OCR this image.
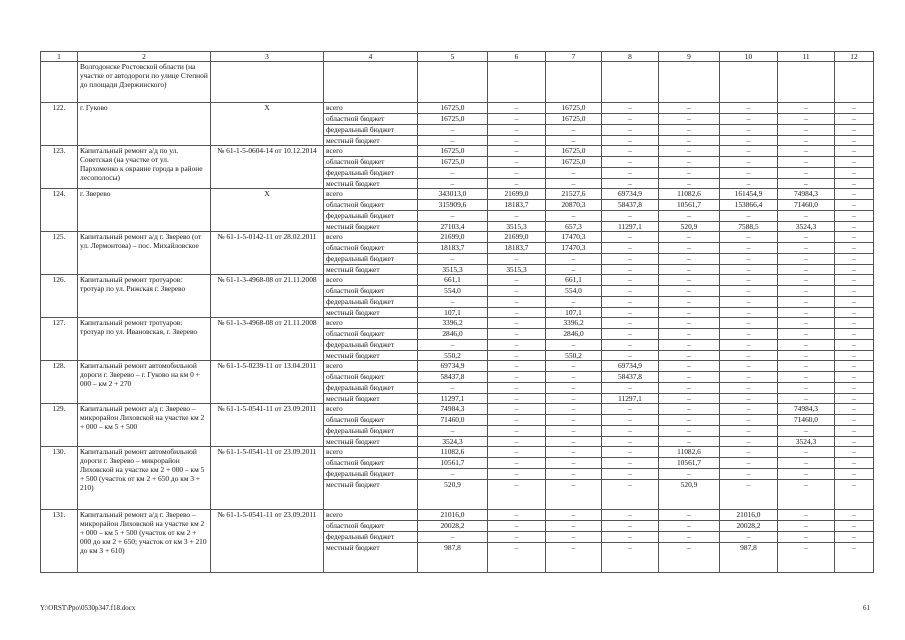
1	2	3	4	5	6	7	8	9	10	11	12
	Волгодонске Ростовской области (на участке от автодороги по улице Степной до площади Дзержинского)										
122.	г. Гуково	Х	всего	16725,0	–	16725,0	–	–	–	–	–
			областной бюджет	16725,0	–	16725,0	–	–	–	–	–
			федеральный бюджет	–	–	–	–	–	–	–	–
			местный бюджет	–	–	–	–	–	–	–	–
123.	Капитальный ремонт а/д по ул. Советская (на участке от ул. Пархоменко к окраине города в районе лесополосы)	№ 61-1-5-0604-14 от 10.12.2014	всего	16725,0	–	16725,0	–	–	–	–	–
			областной бюджет	16725,0	–	16725,0	–	–	–	–	–
			федеральный бюджет	–	–	–	–	–	–	–	–
			местный бюджет	–	–	–	–	–	–	–	–
124.	г. Зверево	Х	всего	343013,0	21699,0	21527,6	69734,9	11082,6	161454,9	74984,3	–
			областной бюджет	315909,6	18183,7	20870,3	58437,8	10561,7	153866,4	71460,0	–
			федеральный бюджет	–	–	–	–	–	–	–	–
			местный бюджет	27103,4	3515,3	657,3	11297,1	520,9	7588,5	3524,3	–
125.	Капитальный ремонт а/д г. Зверево (от ул. Лермонтова) – пос. Михайловское	№ 61-1-5-0142-11 от 28.02.2011	всего	21699,0	21699,0	17470,3	–	–	–	–	–
			областной бюджет	18183,7	18183,7	17470,3	–	–	–	–	–
			федеральный бюджет	–	–	–	–	–	–	–	–
			местный бюджет	3515,3	3515,3	–	–	–	–	–	–
126.	Капитальный ремонт тротуаров: тротуар по ул. Рижская г. Зверево	№ 61-1-3-4968-08 от 21.11.2008	всего	661,1	–	661,1	–	–	–	–	–
			областной бюджет	554,0	–	554,0	–	–	–	–	–
			федеральный бюджет	–	–	–	–	–	–	–	–
			местный бюджет	107,1	–	107,1	–	–	–	–	–
127.	Капитальный ремонт тротуаров: тротуар по ул. Ивановская, г. Зверево	№ 61-1-3-4968-08 от 21.11.2008	всего	3396,2	–	3396,2	–	–	–	–	–
			областной бюджет	2846,0	–	2846,0	–	–	–	–	–
			федеральный бюджет	–	–	–	–	–	–	–	–
			местный бюджет	550,2	–	550,2	–	–	–	–	–
128.	Капитальный ремонт автомобильной дороги г. Зверево – г. Гуково на км 0 + 000 – км 2 + 270	№ 61-1-5-0239-11 от 13.04.2011	всего	69734,9	–	–	69734,9	–	–	–	–
			областной бюджет	58437,8	–	–	58437,8	–	–	–	–
			федеральный бюджет	–	–	–	–	–	–	–	–
			местный бюджет	11297,1	–	–	11297,1	–	–	–	–
129.	Капитальный ремонт а/д г. Зверево – микрорайон Лиховской на участке км 2 + 000 – км 5 + 500	№ 61-1-5-0541-11 от 23.09.2011	всего	74984,3	–	–	–	–	–	74984,3	–
			областной бюджет	71460,0	–	–	–	–	–	71460,0	–
			федеральный бюджет	–	–	–	–	–	–	–	–
			местный бюджет	3524,3	–	–	–	–	–	3524,3	–
130.	Капитальный ремонт автомобильной дороги г. Зверево – микрорайон Лиховской на участке км 2 + 000 – км 5 + 500 (участок от км 2 + 650 до км 3 + 210)	№ 61-1-5-0541-11 от 23.09.2011	всего	11082,6	–	–	–	11082,6	–	–	–
			областной бюджет	10561,7	–	–	–	10561,7	–	–	–
			федеральный бюджет	–	–	–	–	–	–	–	–
			местный бюджет	520,9	–	–	–	520,9	–	–	–
131.	Капитальный ремонт а/д г. Зверево – микрорайон Лиховской на участке км 2 + 000 – км 5 + 500 (участок от км 2 + 000 до км 2 + 650; участок от км 3 + 210 до км 3 + 610)	№ 61-1-5-0541-11 от 23.09.2011	всего	21016,0	–	–	–	–	21016,0	–	–
			областной бюджет	20028,2	–	–	–	–	20028,2	–	–
			федеральный бюджет	–	–	–	–	–	–	–	–
			местный бюджет	987,8	–	–	–	–	987,8	–	–
Y:\ORST\Ppo\0530p347.f18.docx	61
